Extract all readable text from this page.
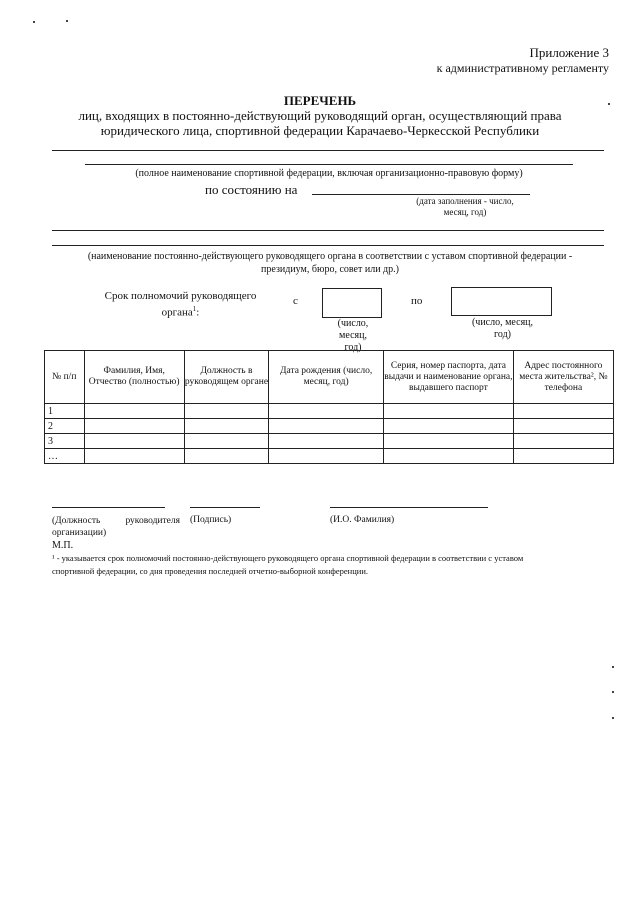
Приложение 3
к административному регламенту
ПЕРЕЧЕНЬ
лиц, входящих в постоянно-действующий руководящий орган, осуществляющий права
юридического лица, спортивной федерации Карачаево-Черкесской Республики
(полное наименование спортивной федерации, включая организационно-правовую форму)
по состоянию на
(дата заполнения - число,
месяц, год)
(наименование постоянно-действующего руководящего органа в соответствии с уставом спортивной федерации -
президиум, бюро, совет или др.)
Срок полномочий руководящего
органа$^1$:
с
(число,
месяц,
год)
по
(число, месяц,
год)
№ п/п	Фамилия, Имя, Отчество (полностью)	Должность в руководящем органе	Дата рождения (число, месяц, год)	Серия, номер паспорта, дата выдачи и наименование органа, выдавшего паспорт	Адрес постоянного места жительства², № телефона
1					
2					
3					
…					
(Должность	руководителя

организации)
(Подпись)	(И.О. Фамилия)
М.П.
¹ - указывается срок полномочий постоянно-действующего руководящего органа спортивной федерации в соответствии с уставом
спортивной федерации, со дня проведения последней отчетно-выборной конференции.
